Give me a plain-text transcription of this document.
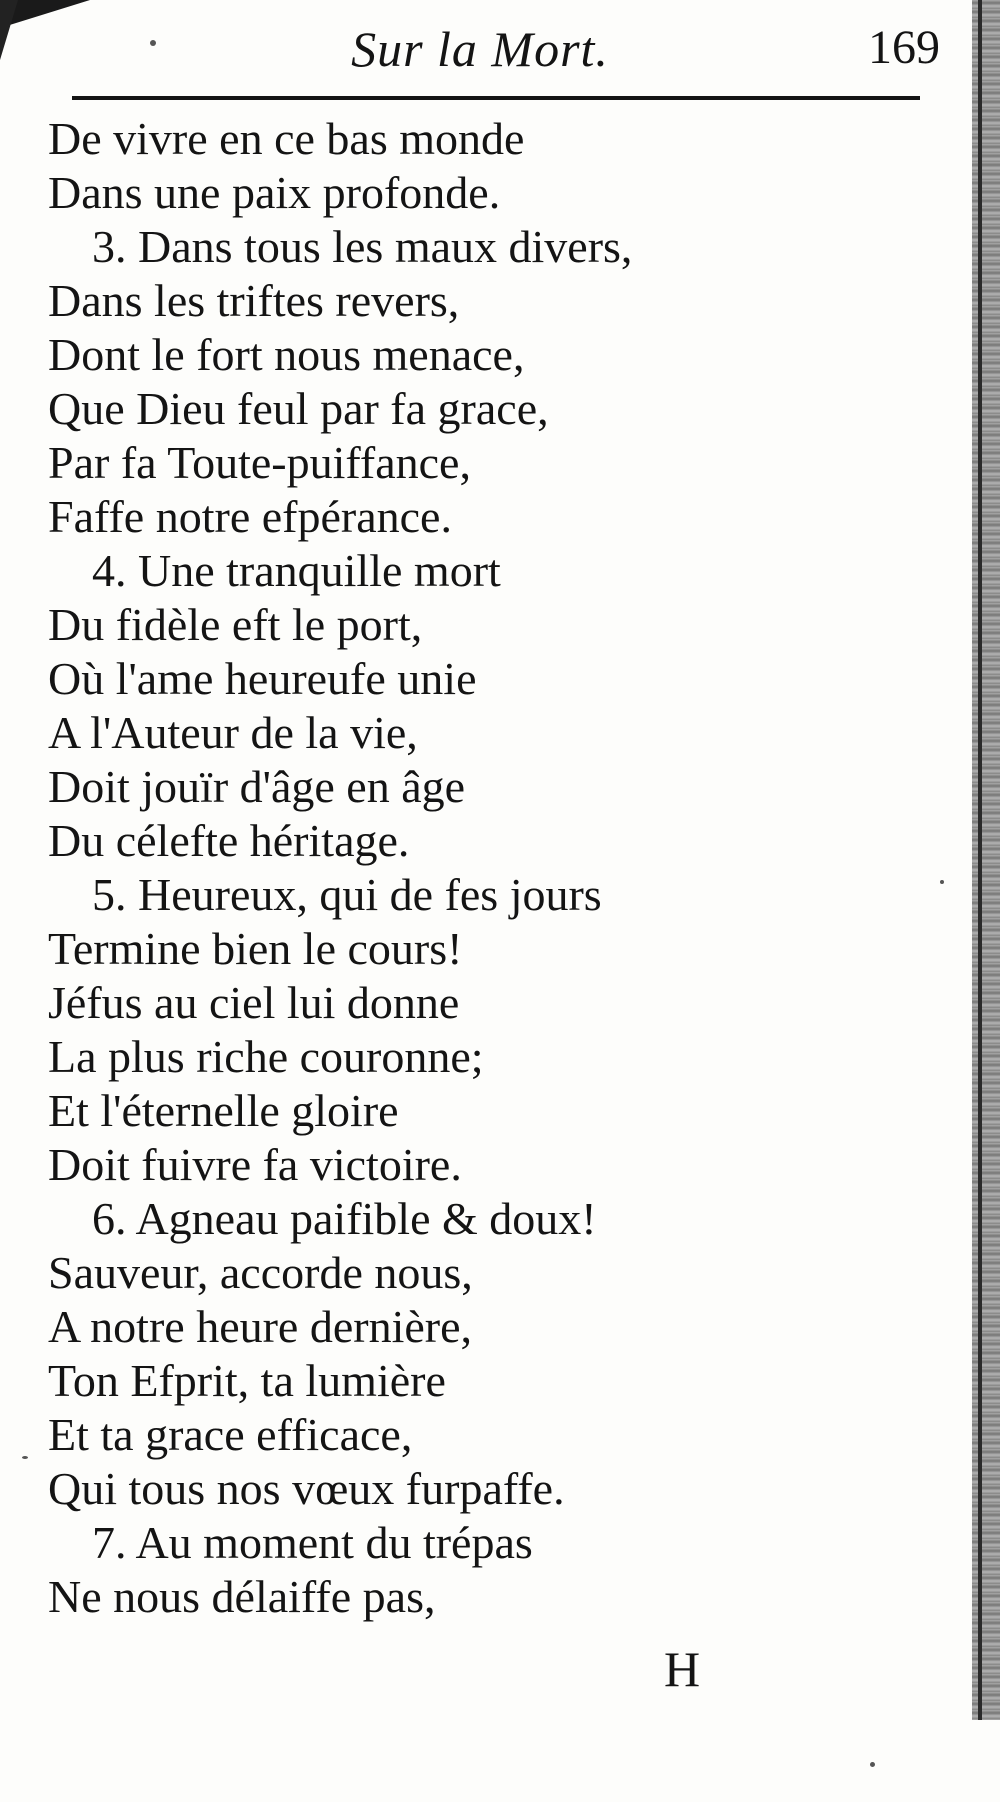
Sur la Mort.	169
De vivre en ce bas monde
Dans une paix profonde.
3. Dans tous les maux divers,
Dans les triftes revers,
Dont le fort nous menace,
Que Dieu feul par fa grace,
Par fa Toute-puiffance,
Faffe notre efpérance.
4. Une tranquille mort
Du fidèle eft le port,
Où l'ame heureufe unie
A l'Auteur de la vie,
Doit jouïr d'âge en âge
Du célefte héritage.
5. Heureux, qui de fes jours
Termine bien le cours!
Jéfus au ciel lui donne
La plus riche couronne;
Et l'éternelle gloire
Doit fuivre fa victoire.
6. Agneau paifible & doux!
Sauveur, accorde nous,
A notre heure dernière,
Ton Efprit, ta lumière
Et ta grace efficace,
Qui tous nos vœux furpaffe.
7. Au moment du trépas
Ne nous délaiffe pas,
H
